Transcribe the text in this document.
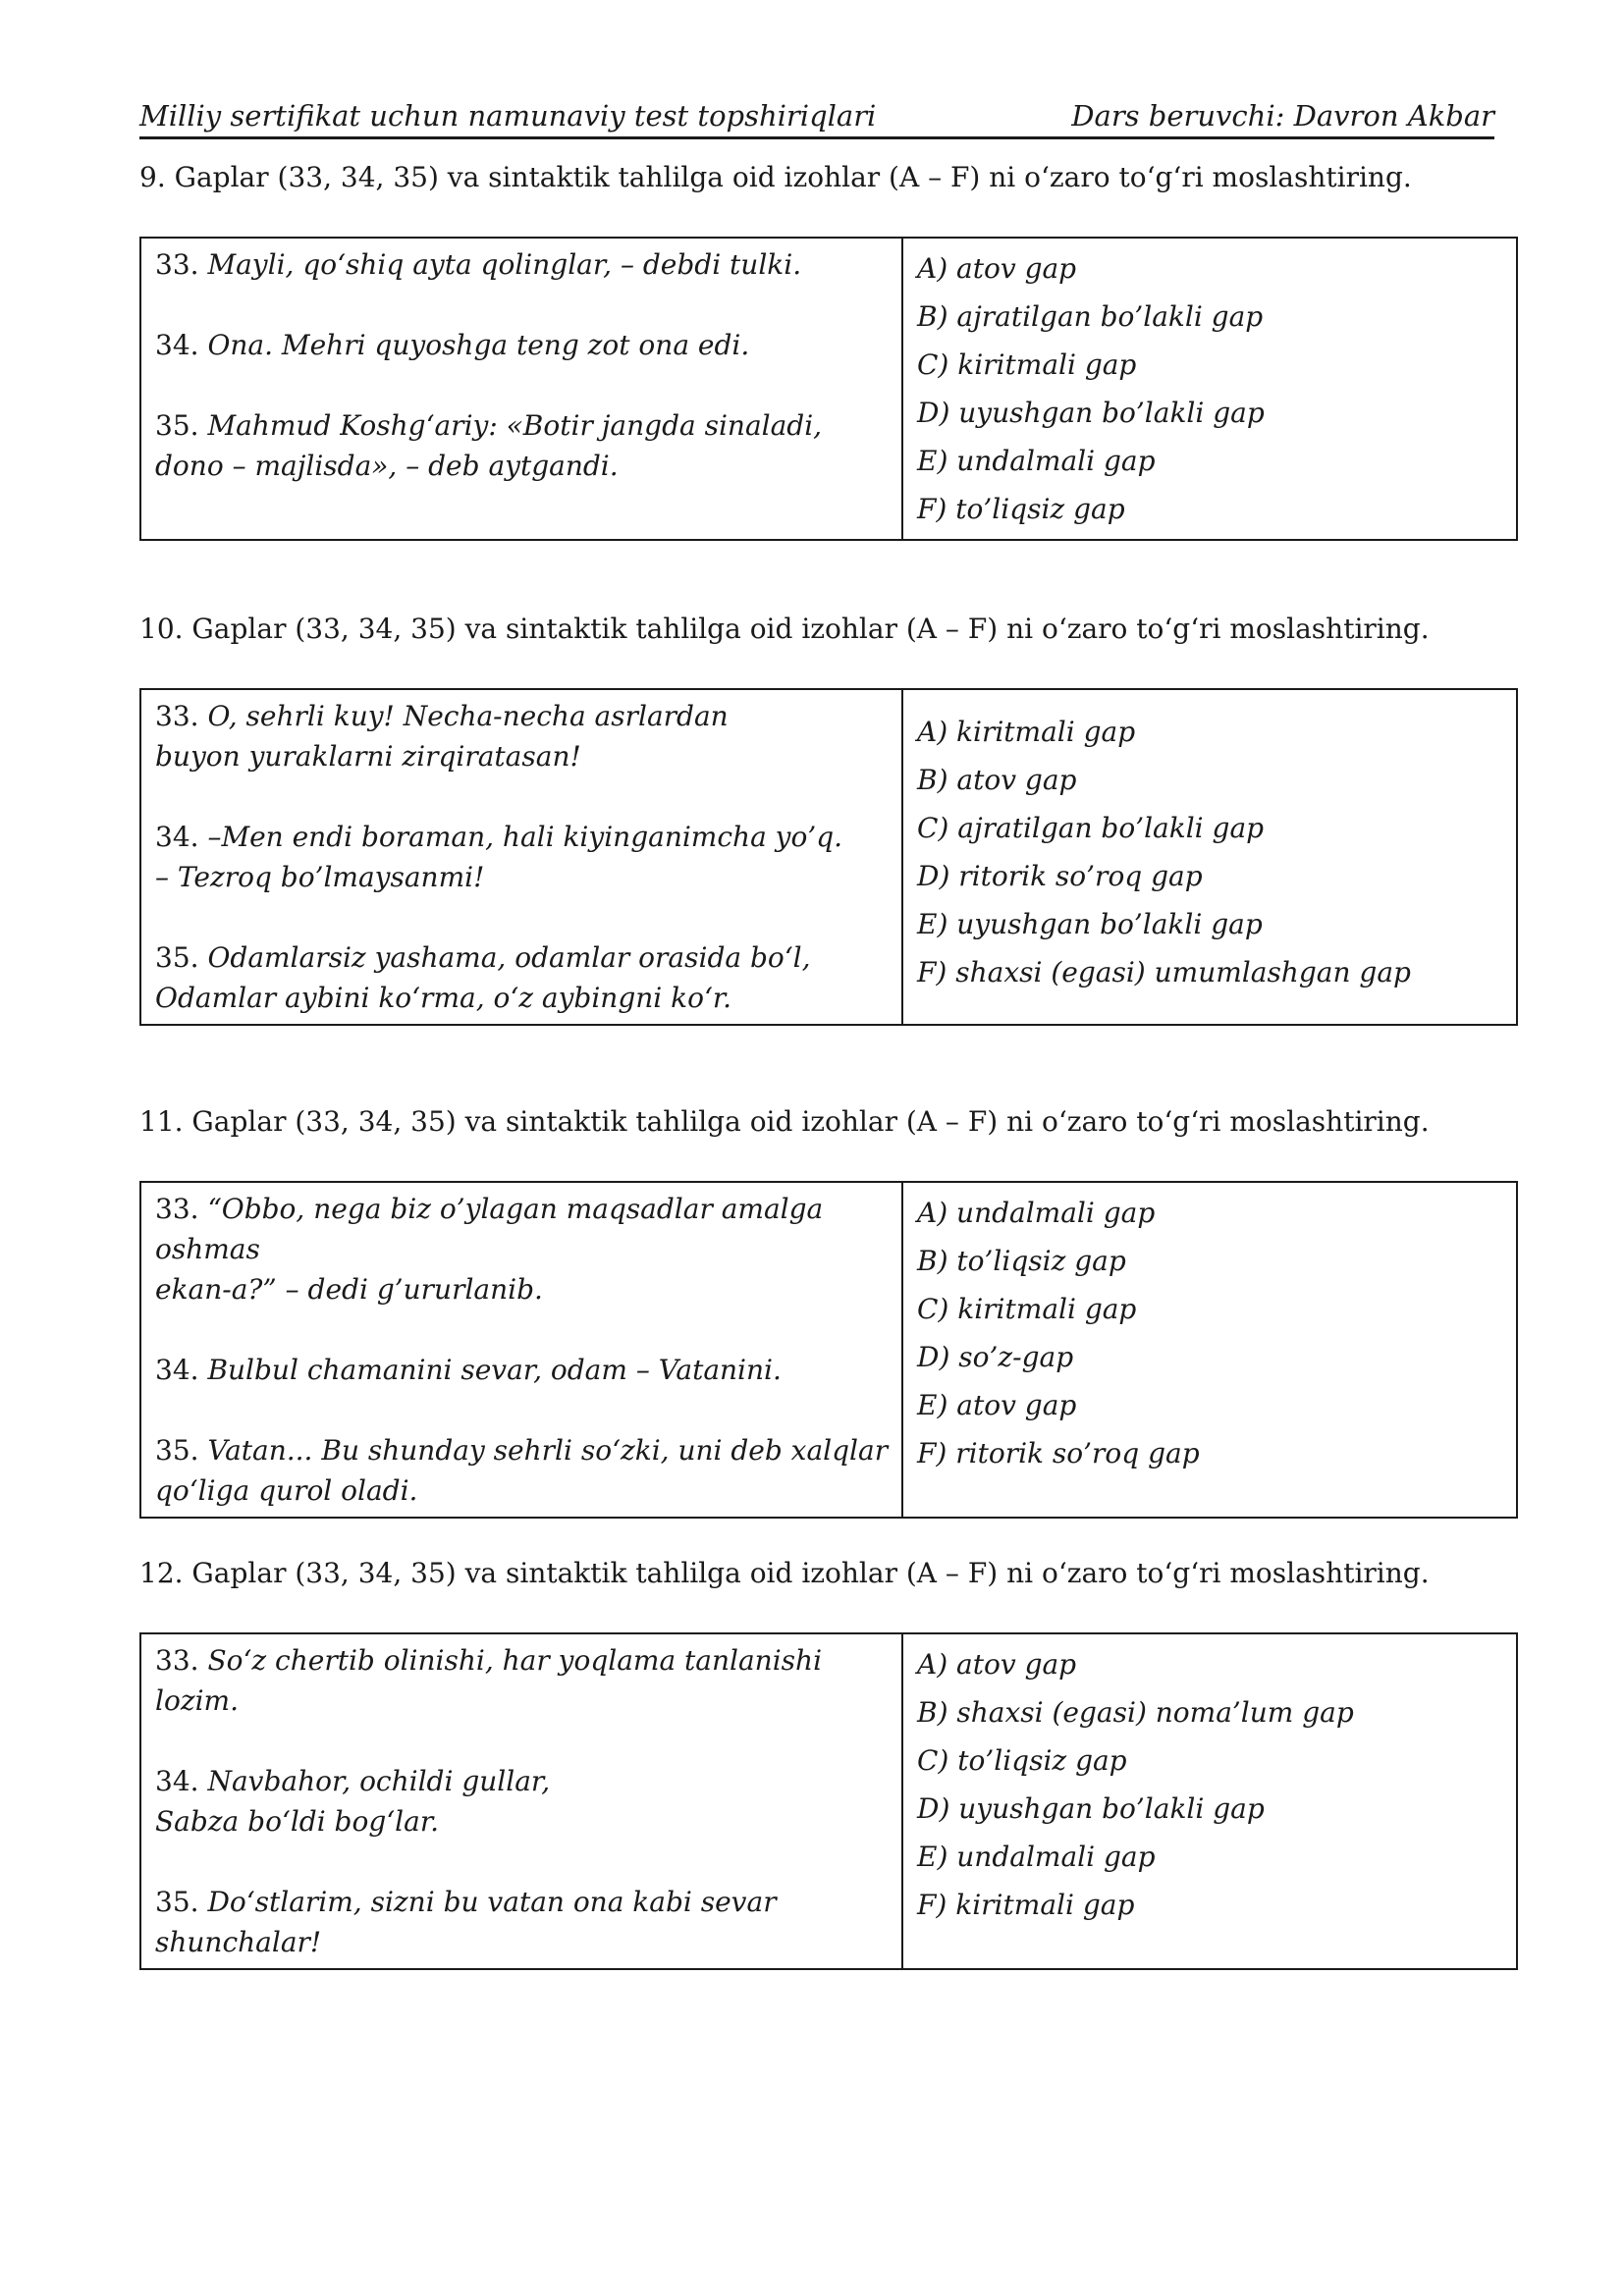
Milliy sertifikat uchun namunaviy test topshiriqlari	Dars beruvchi: Davron Akbar
9. Gaplar (33, 34, 35) va sintaktik tahlilga oid izohlar (A – F) ni o‘zaro to‘g‘ri moslashtiring.
33. Mayli, qo‘shiq ayta qolinglar, – debdi tulki.
34. Ona. Mehri quyoshga teng zot ona edi.
35. Mahmud Koshg‘ariy: «Botir jangda sinaladi,
dono – majlisda», – deb aytgandi.

A) atov gap
B) ajratilgan bo’lakli gap
C) kiritmali gap
D) uyushgan bo’lakli gap
E) undalmali gap
F) to’liqsiz gap
10. Gaplar (33, 34, 35) va sintaktik tahlilga oid izohlar (A – F) ni o‘zaro to‘g‘ri moslashtiring.
33. O, sehrli kuy! Necha-necha asrlardan
buyon yuraklarni zirqiratasan!
34. –Men endi boraman, hali kiyinganimcha yo’q.
– Tezroq bo’lmaysanmi!
35. Odamlarsiz yashama, odamlar orasida bo‘l,
Odamlar aybini ko‘rma, o‘z aybingni ko‘r.

A) kiritmali gap
B) atov gap
C) ajratilgan bo’lakli gap
D) ritorik so’roq gap
E) uyushgan bo’lakli gap
F) shaxsi (egasi) umumlashgan gap
11. Gaplar (33, 34, 35) va sintaktik tahlilga oid izohlar (A – F) ni o‘zaro to‘g‘ri moslashtiring.
33. “Obbo, nega biz o’ylagan maqsadlar amalga oshmas
ekan-a?” – dedi g’ururlanib.
34. Bulbul chamanini sevar, odam – Vatanini.
35. Vatan... Bu shunday sehrli so‘zki, uni deb xalqlar
qo‘liga qurol oladi.

A) undalmali gap
B) to’liqsiz gap
C) kiritmali gap
D) so’z-gap
E) atov gap
F) ritorik so’roq gap
12. Gaplar (33, 34, 35) va sintaktik tahlilga oid izohlar (A – F) ni o‘zaro to‘g‘ri moslashtiring.
33. So‘z chertib olinishi, har yoqlama tanlanishi lozim.
34. Navbahor, ochildi gullar,
Sabza bo‘ldi bog‘lar.
35. Do‘stlarim, sizni bu vatan ona kabi sevar
shunchalar!

A) atov gap
B) shaxsi (egasi) noma’lum gap
C) to’liqsiz gap
D) uyushgan bo’lakli gap
E) undalmali gap
F) kiritmali gap
